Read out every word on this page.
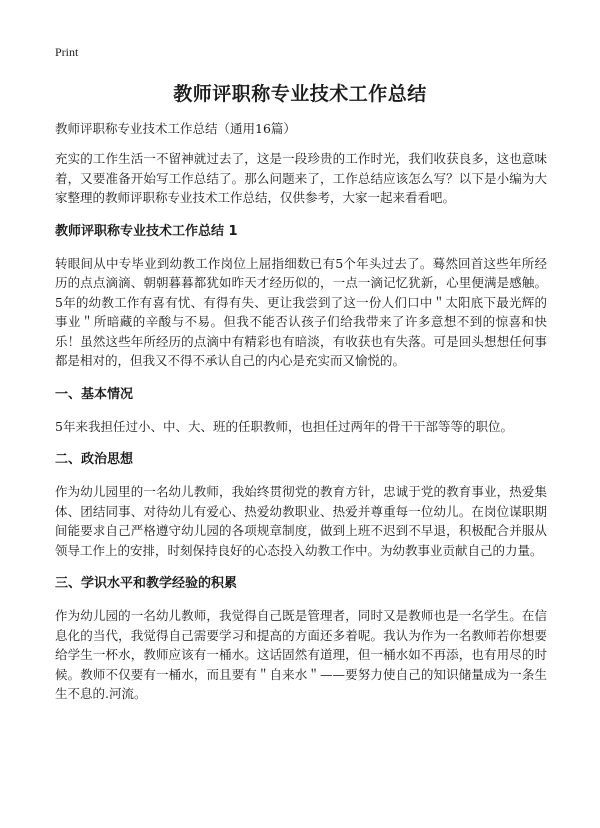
Print
教师评职称专业技术工作总结
教师评职称专业技术工作总结（通用16篇）

充实的工作生活一不留神就过去了，这是一段珍贵的工作时光，我们收获良多，这也意味着，又要准备开始写工作总结了。那么问题来了，工作总结应该怎么写？以下是小编为大家整理的教师评职称专业技术工作总结，仅供参考，大家一起来看看吧。

教师评职称专业技术工作总结 1

转眼间从中专毕业到幼教工作岗位上屈指细数已有5个年头过去了。蓦然回首这些年所经历的点点滴滴、朝朝暮暮都犹如昨天才经历似的，一点一滴记忆犹新，心里便满是感触。5年的幼教工作有喜有忧、有得有失、更让我尝到了这一份人们口中＂太阳底下最光辉的事业＂所暗藏的辛酸与不易。但我不能否认孩子们给我带来了许多意想不到的惊喜和快乐！虽然这些年所经历的点滴中有精彩也有暗淡，有收获也有失落。可是回头想想任何事都是相对的，但我又不得不承认自己的内心是充实而又愉悦的。

一、基本情况

5年来我担任过小、中、大、班的任职教师，也担任过两年的骨干干部等等的职位。

二、政治思想

作为幼儿园里的一名幼儿教师，我始终贯彻党的教育方针，忠诚于党的教育事业，热爱集体、团结同事、对待幼儿有爱心、热爱幼教职业、热爱并尊重每一位幼儿。在岗位谋职期间能要求自己严格遵守幼儿园的各项规章制度，做到上班不迟到不早退，积极配合并服从领导工作上的安排，时刻保持良好的心态投入幼教工作中。为幼教事业贡献自己的力量。

三、学识水平和教学经验的积累

作为幼儿园的一名幼儿教师，我觉得自己既是管理者，同时又是教师也是一名学生。在信息化的当代，我觉得自己需要学习和提高的方面还多着呢。我认为作为一名教师若你想要给学生一杯水，教师应该有一桶水。这话固然有道理，但一桶水如不再添，也有用尽的时候。教师不仅要有一桶水，而且要有＂自来水＂——要努力使自己的知识储量成为一条生生不息的.河流。
